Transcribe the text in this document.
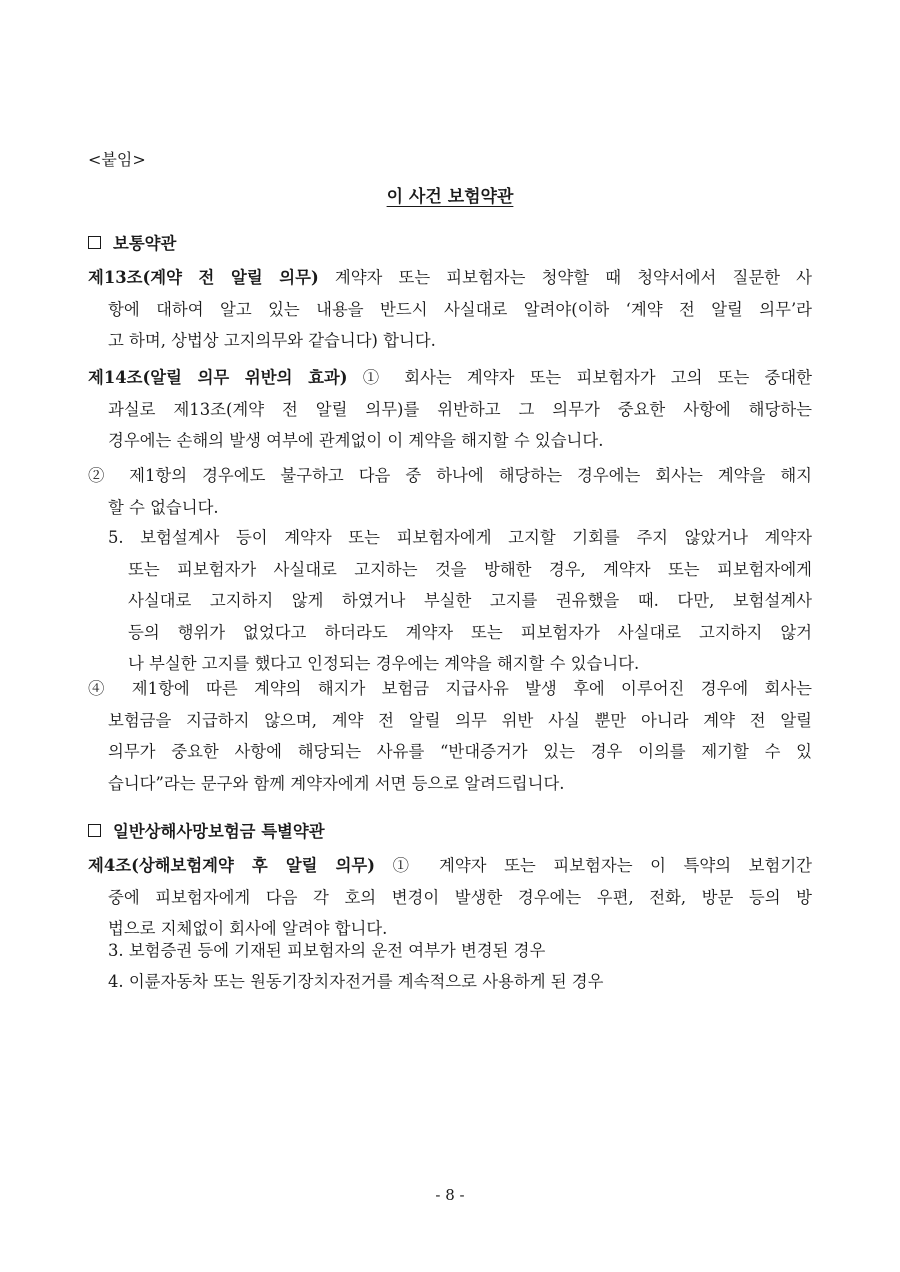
<붙임>
이 사건 보험약관
보통약관
제13조(계약 전 알릴 의무) 계약자 또는 피보험자는 청약할 때 청약서에서 질문한 사
항에 대하여 알고 있는 내용을 반드시 사실대로 알려야(이하 ‘계약 전 알릴 의무’라
고 하며, 상법상 고지의무와 같습니다) 합니다.
제14조(알릴 의무 위반의 효과) ① 회사는 계약자 또는 피보험자가 고의 또는 중대한
과실로 제13조(계약 전 알릴 의무)를 위반하고 그 의무가 중요한 사항에 해당하는
경우에는 손해의 발생 여부에 관계없이 이 계약을 해지할 수 있습니다.
② 제1항의 경우에도 불구하고 다음 중 하나에 해당하는 경우에는 회사는 계약을 해지
할 수 없습니다.
5. 보험설계사 등이 계약자 또는 피보험자에게 고지할 기회를 주지 않았거나 계약자
또는 피보험자가 사실대로 고지하는 것을 방해한 경우, 계약자 또는 피보험자에게
사실대로 고지하지 않게 하였거나 부실한 고지를 권유했을 때. 다만, 보험설계사
등의 행위가 없었다고 하더라도 계약자 또는 피보험자가 사실대로 고지하지 않거
나 부실한 고지를 했다고 인정되는 경우에는 계약을 해지할 수 있습니다.
④ 제1항에 따른 계약의 해지가 보험금 지급사유 발생 후에 이루어진 경우에 회사는
보험금을 지급하지 않으며, 계약 전 알릴 의무 위반 사실 뿐만 아니라 계약 전 알릴
의무가 중요한 사항에 해당되는 사유를 “반대증거가 있는 경우 이의를 제기할 수 있
습니다”라는 문구와 함께 계약자에게 서면 등으로 알려드립니다.
일반상해사망보험금 특별약관
제4조(상해보험계약 후 알릴 의무) ① 계약자 또는 피보험자는 이 특약의 보험기간
중에 피보험자에게 다음 각 호의 변경이 발생한 경우에는 우편, 전화, 방문 등의 방
법으로 지체없이 회사에 알려야 합니다.
3. 보험증권 등에 기재된 피보험자의 운전 여부가 변경된 경우
4. 이륜자동차 또는 원동기장치자전거를 계속적으로 사용하게 된 경우
- 8 -
